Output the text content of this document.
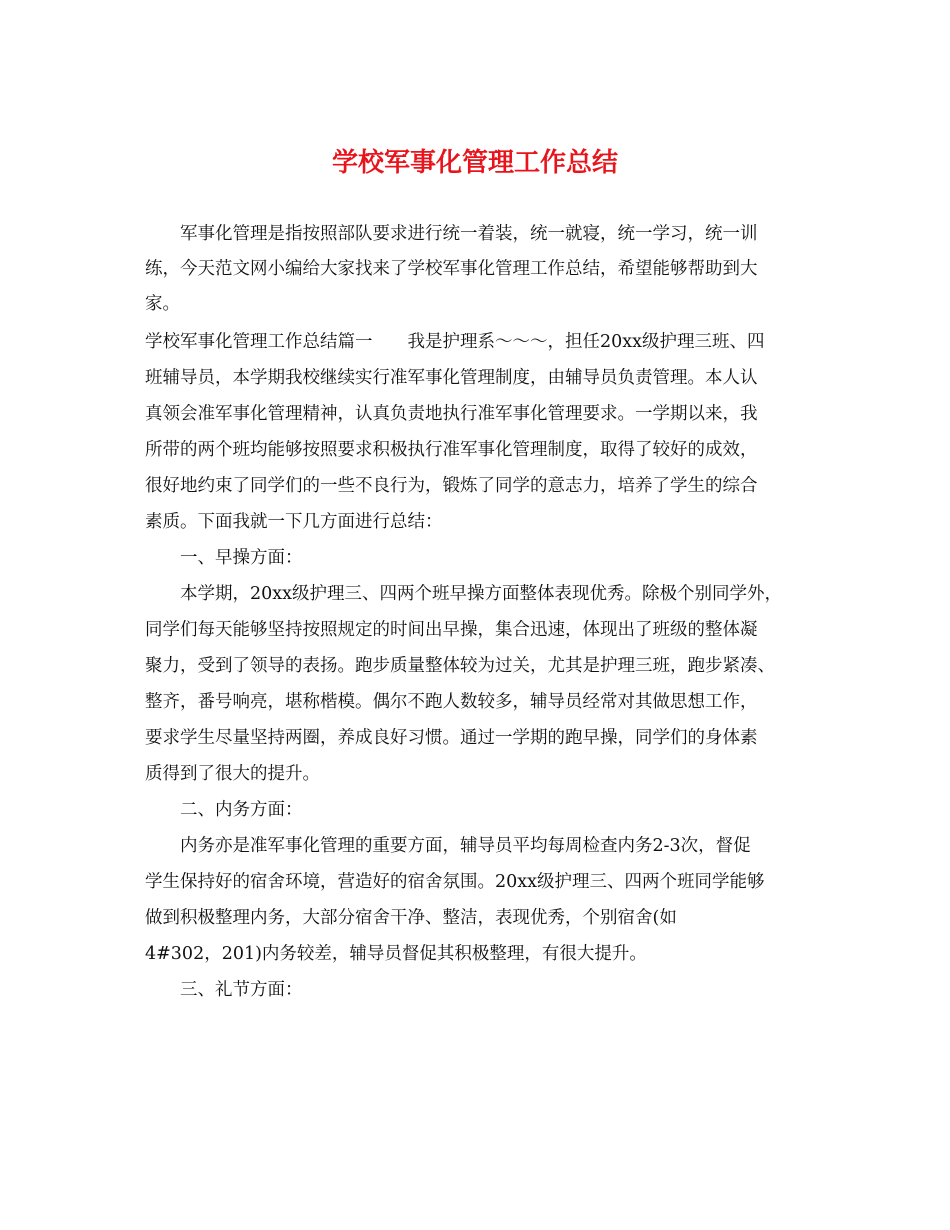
学校军事化管理工作总结
军事化管理是指按照部队要求进行统一着装，统一就寝，统一学习，统一训
练，今天范文网小编给大家找来了学校军事化管理工作总结，希望能够帮助到大
家。
学校军事化管理工作总结篇一　　我是护理系～～～，担任20xx级护理三班、四
班辅导员，本学期我校继续实行准军事化管理制度，由辅导员负责管理。本人认
真领会准军事化管理精神，认真负责地执行准军事化管理要求。一学期以来，我
所带的两个班均能够按照要求积极执行准军事化管理制度，取得了较好的成效，
很好地约束了同学们的一些不良行为，锻炼了同学的意志力，培养了学生的综合
素质。下面我就一下几方面进行总结：
一、早操方面：
本学期，20xx级护理三、四两个班早操方面整体表现优秀。除极个别同学外，
同学们每天能够坚持按照规定的时间出早操，集合迅速，体现出了班级的整体凝
聚力，受到了领导的表扬。跑步质量整体较为过关，尤其是护理三班，跑步紧凑、
整齐，番号响亮，堪称楷模。偶尔不跑人数较多，辅导员经常对其做思想工作，
要求学生尽量坚持两圈，养成良好习惯。通过一学期的跑早操，同学们的身体素
质得到了很大的提升。
二、内务方面：
内务亦是准军事化管理的重要方面，辅导员平均每周检查内务2-3次，督促
学生保持好的宿舍环境，营造好的宿舍氛围。20xx级护理三、四两个班同学能够
做到积极整理内务，大部分宿舍干净、整洁，表现优秀，个别宿舍(如
4#302，201)内务较差，辅导员督促其积极整理，有很大提升。
三、礼节方面：
